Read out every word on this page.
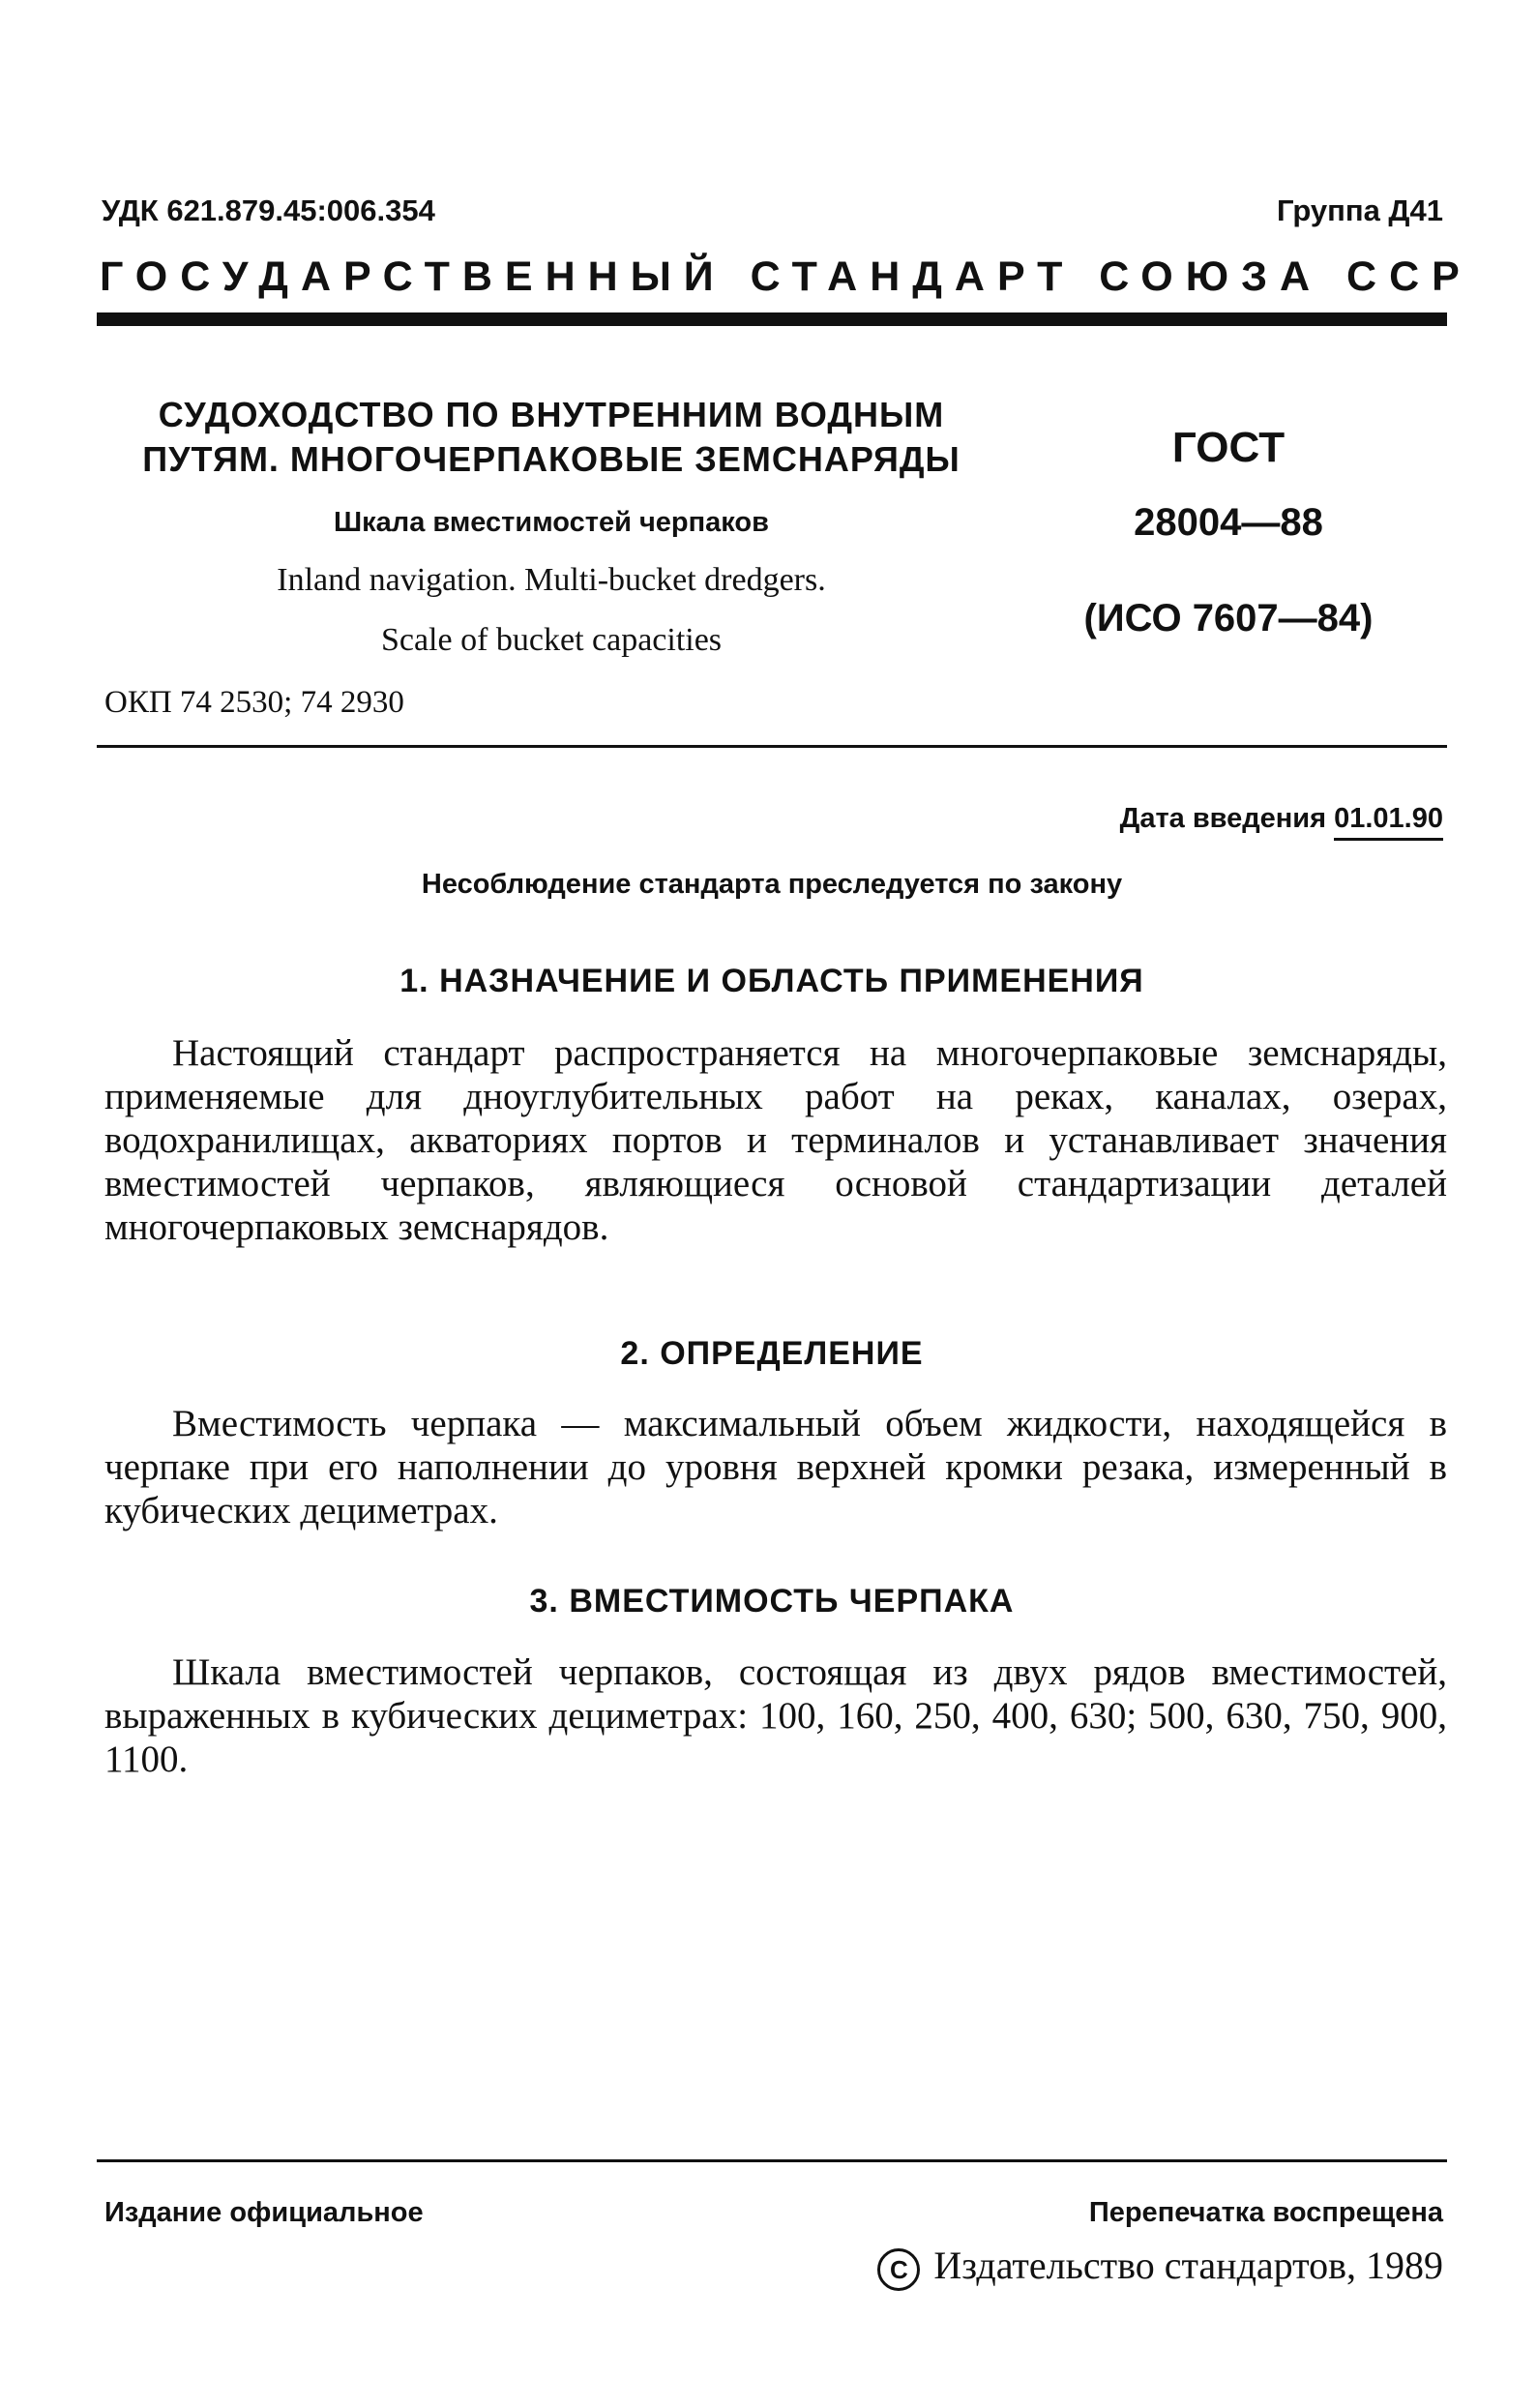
УДК 621.879.45:006.354	Группа Д41
ГОСУДАРСТВЕННЫЙ СТАНДАРТ СОЮЗА ССР
СУДОХОДСТВО ПО ВНУТРЕННИМ ВОДНЫМ
ПУТЯМ. МНОГОЧЕРПАКОВЫЕ ЗЕМСНАРЯДЫ
Шкала вместимостей черпаков
Inland navigation. Multi-bucket dredgers.
Scale of bucket capacities
ГОСТ
28004—88
(ИСО 7607—84)
ОКП 74 2530; 74 2930
Дата введения 01.01.90
Несоблюдение стандарта преследуется по закону
1. НАЗНАЧЕНИЕ И ОБЛАСТЬ ПРИМЕНЕНИЯ
Настоящий стандарт распространяется на многочерпаковые земснаряды, применяемые для дноуглубительных работ на реках, каналах, озерах, водохранилищах, акваториях портов и терминалов и устанавливает значения вместимостей черпаков, являющиеся основой стандартизации деталей многочерпаковых земснарядов.
2. ОПРЕДЕЛЕНИЕ
Вместимость черпака — максимальный объем жидкости, находящейся в черпаке при его наполнении до уровня верхней кромки резака, измеренный в кубических дециметрах.
3. ВМЕСТИМОСТЬ ЧЕРПАКА
Шкала вместимостей черпаков, состоящая из двух рядов вместимостей, выраженных в кубических дециметрах: 100, 160, 250, 400, 630; 500, 630, 750, 900, 1100.
Издание официальное	Перепечатка воспрещена
C Издательство стандартов, 1989
